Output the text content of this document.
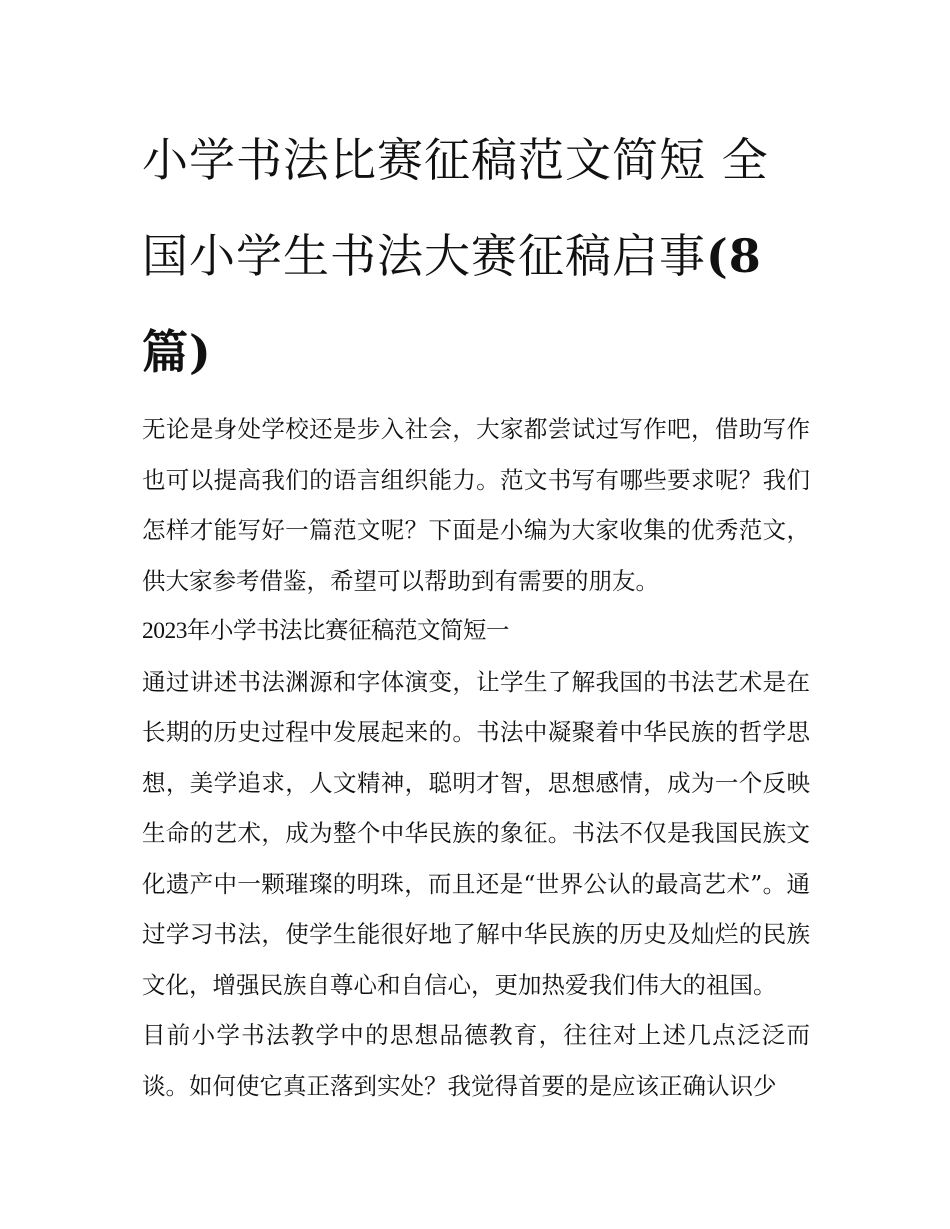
小学书法比赛征稿范文简短 全国小学生书法大赛征稿启事(8
篇)

无论是身处学校还是步入社会，大家都尝试过写作吧，借助写作也可以提高我们的语言组织能力。范文书写有哪些要求呢？我们怎样才能写好一篇范文呢？下面是小编为大家收集的优秀范文，供大家参考借鉴，希望可以帮助到有需要的朋友。

2023年小学书法比赛征稿范文简短一

通过讲述书法渊源和字体演变，让学生了解我国的书法艺术是在长期的历史过程中发展起来的。书法中凝聚着中华民族的哲学思想，美学追求，人文精神，聪明才智，思想感情，成为一个反映生命的艺术，成为整个中华民族的象征。书法不仅是我国民族文化遗产中一颗璀璨的明珠，而且还是“世界公认的最高艺术”。通过学习书法，使学生能很好地了解中华民族的历史及灿烂的民族文化，增强民族自尊心和自信心，更加热爱我们伟大的祖国。

目前小学书法教学中的思想品德教育，往往对上述几点泛泛而谈。如何使它真正落到实处？我觉得首要的是应该正确认识少
